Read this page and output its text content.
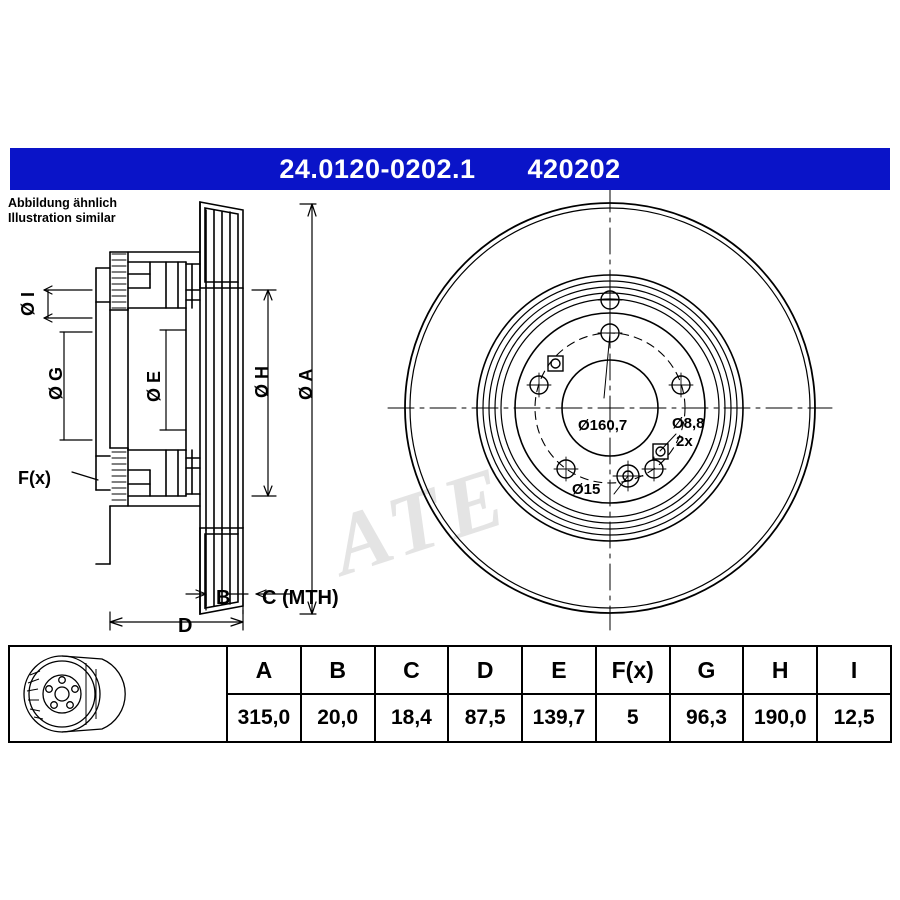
24.0120-0202.1 420202
Abbildung ähnlich
Illustration similar
ATE
Ø I
Ø G	Ø E	Ø H Ø A
F(x)
B C (MTH)
D
Ø160,7	Ø8,8
2x
Ø15
	A	B	C	D	E	F(x)	G	H	I
	315,0	20,0	18,4	87,5	139,7	5	96,3	190,0	12,5
